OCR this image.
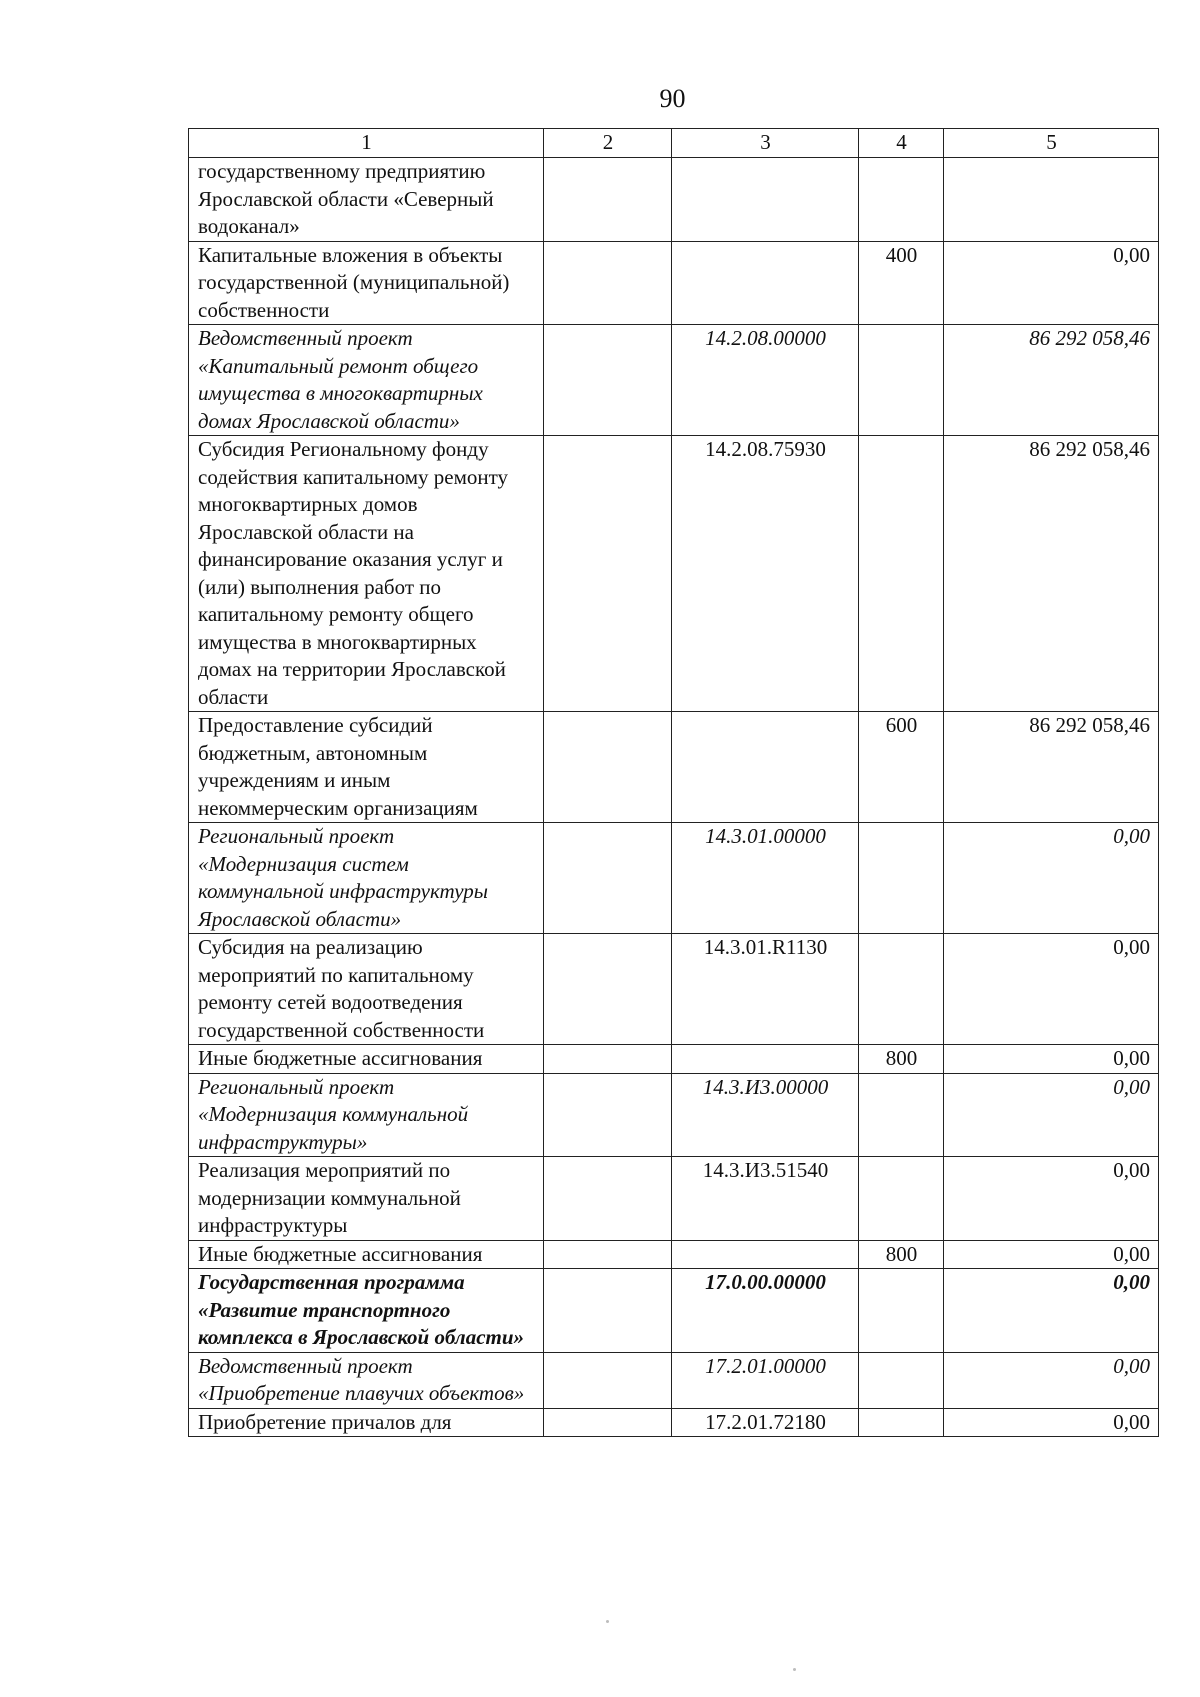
90
1	2	3	4	5
государственному предприятию Ярославской области «Северный водоканал»				
Капитальные вложения в объекты государственной (муниципальной) собственности			400	0,00
Ведомственный проект «Капитальный ремонт общего имущества в многоквартирных домах Ярославской области»		14.2.08.00000		86 292 058,46
Субсидия Региональному фонду содействия капитальному ремонту многоквартирных домов Ярославской области на финансирование оказания услуг и (или) выполнения работ по капитальному ремонту общего имущества в многоквартирных домах на территории Ярославской области		14.2.08.75930		86 292 058,46
Предоставление субсидий бюджетным, автономным учреждениям и иным некоммерческим организациям			600	86 292 058,46
Региональный проект «Модернизация систем коммунальной инфраструктуры Ярославской области»		14.3.01.00000		0,00
Субсидия на реализацию мероприятий по капитальному ремонту сетей водоотведения государственной собственности		14.3.01.R1130		0,00
Иные бюджетные ассигнования			800	0,00
Региональный проект «Модернизация коммунальной инфраструктуры»		14.3.И3.00000		0,00
Реализация мероприятий по модернизации коммунальной инфраструктуры		14.3.И3.51540		0,00
Иные бюджетные ассигнования			800	0,00
Государственная программа «Развитие транспортного комплекса в Ярославской области»		17.0.00.00000		0,00
Ведомственный проект «Приобретение плавучих объектов»		17.2.01.00000		0,00
Приобретение причалов для		17.2.01.72180		0,00
